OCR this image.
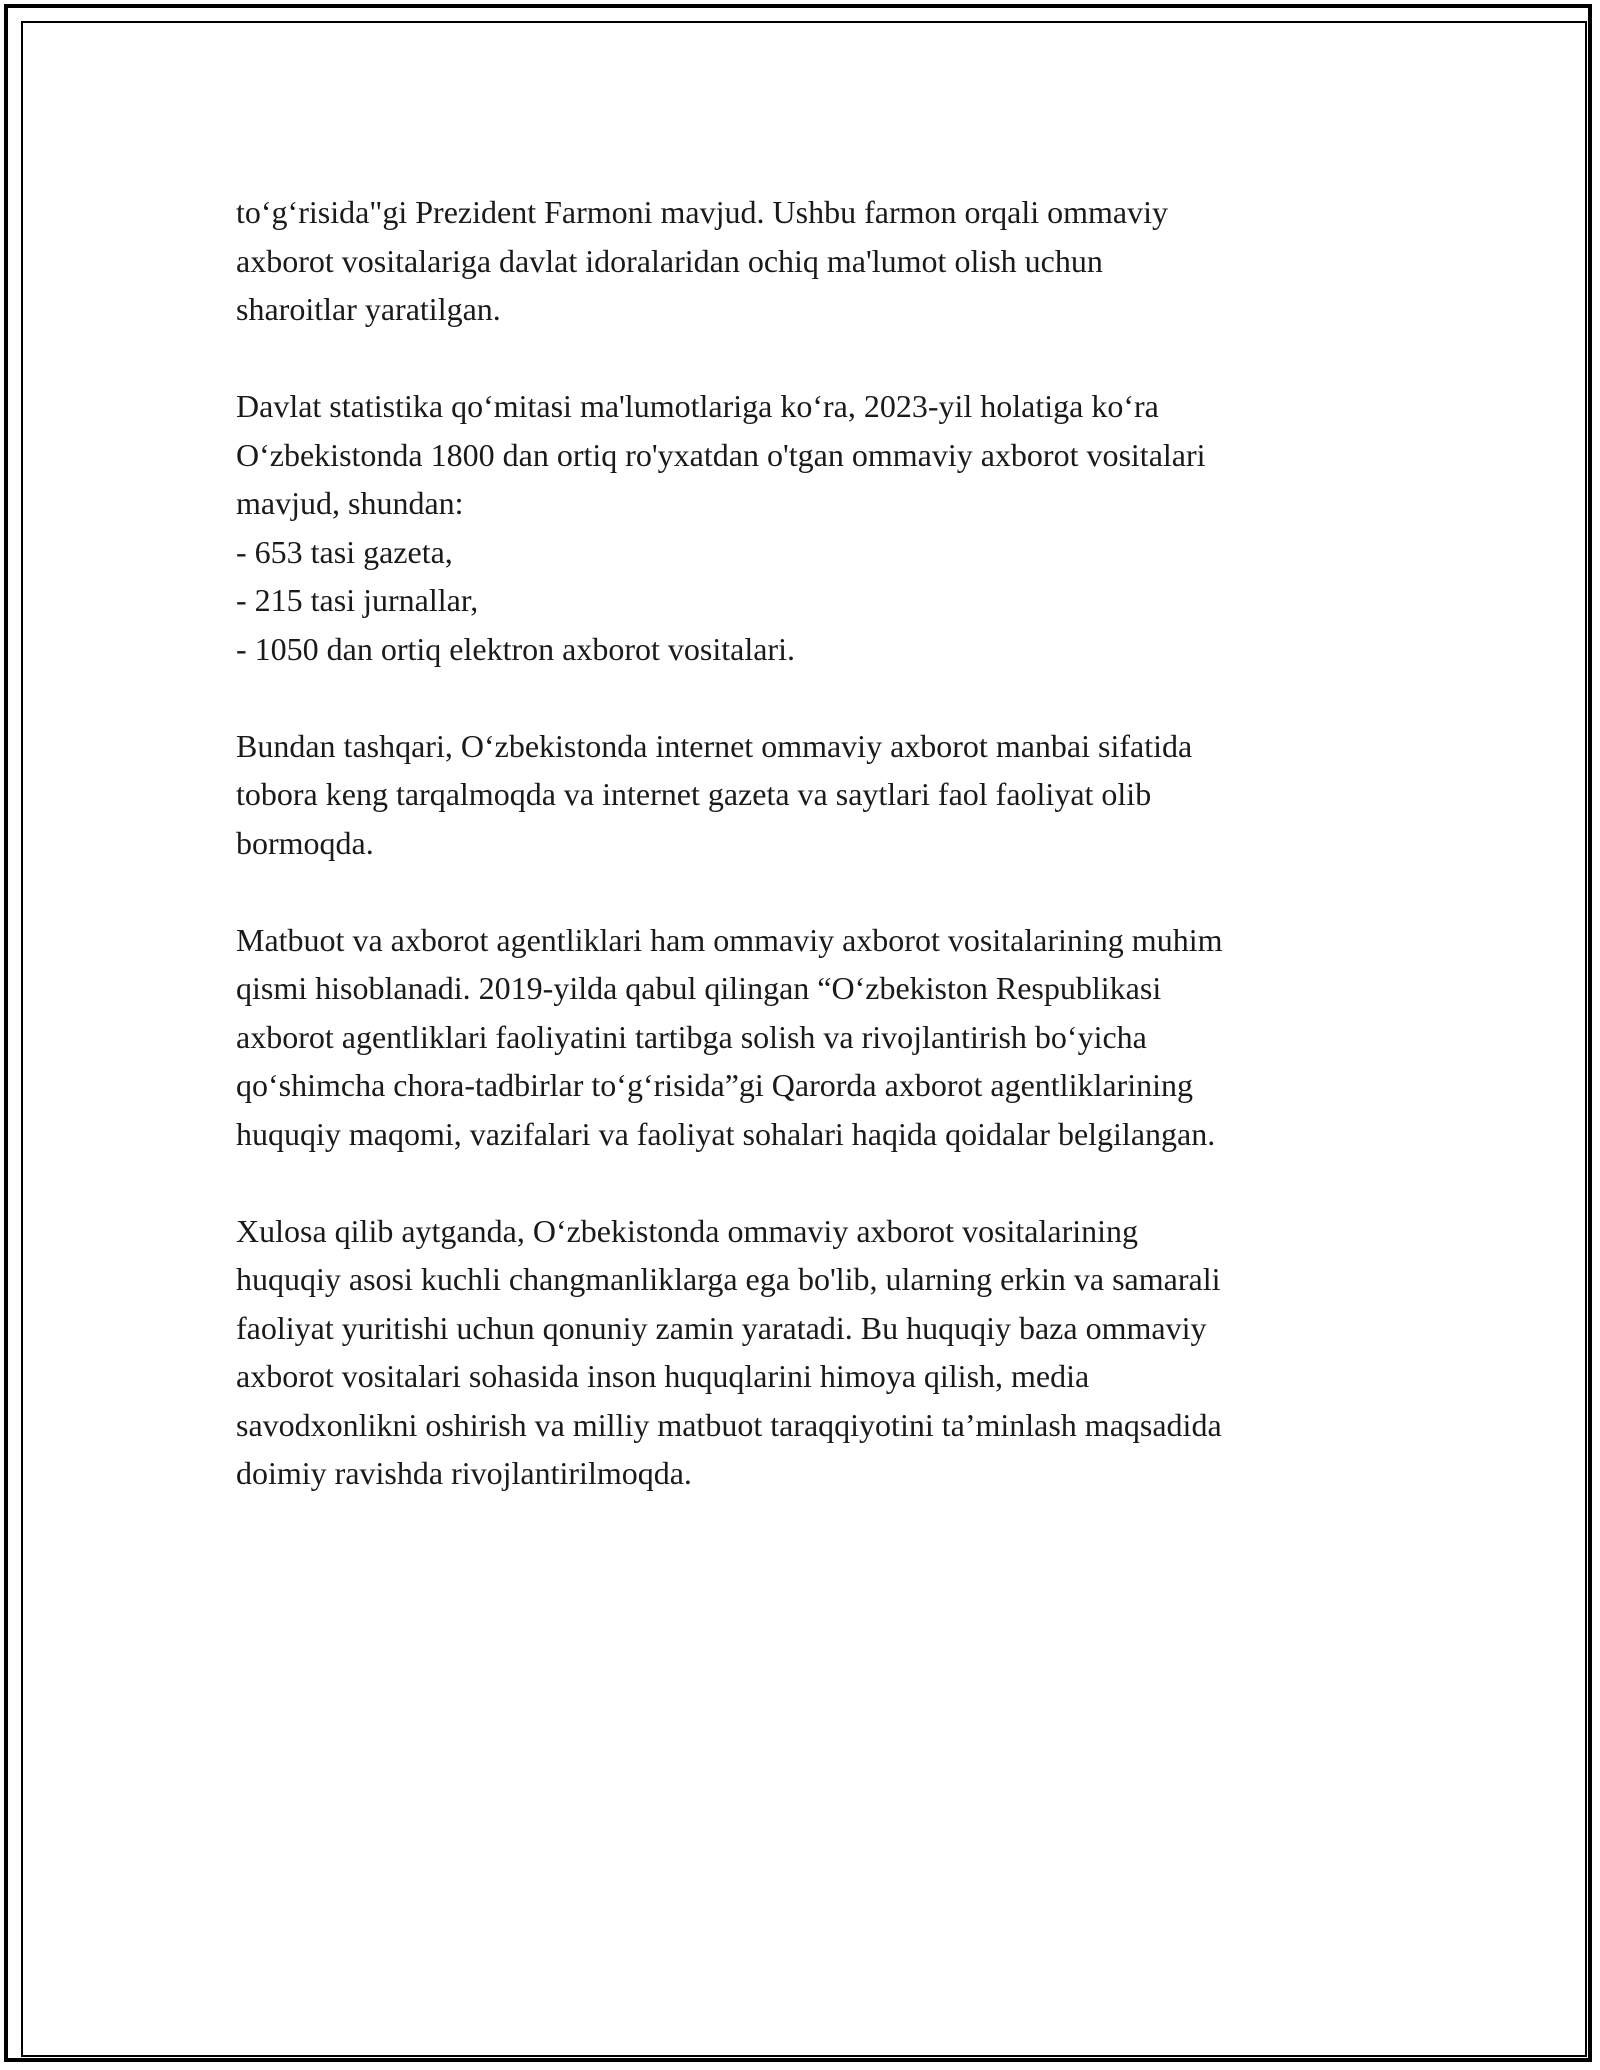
to‘g‘risida"gi Prezident Farmoni mavjud. Ushbu farmon orqali ommaviy
axborot vositalariga davlat idoralaridan ochiq ma'lumot olish uchun
sharoitlar yaratilgan.

Davlat statistika qo‘mitasi ma'lumotlariga ko‘ra, 2023-yil holatiga ko‘ra
O‘zbekistonda 1800 dan ortiq ro'yxatdan o'tgan ommaviy axborot vositalari
mavjud, shundan:
- 653 tasi gazeta,
- 215 tasi jurnallar,
- 1050 dan ortiq elektron axborot vositalari.

Bundan tashqari, O‘zbekistonda internet ommaviy axborot manbai sifatida
tobora keng tarqalmoqda va internet gazeta va saytlari faol faoliyat olib
bormoqda.

Matbuot va axborot agentliklari ham ommaviy axborot vositalarining muhim
qismi hisoblanadi. 2019-yilda qabul qilingan “O‘zbekiston Respublikasi
axborot agentliklari faoliyatini tartibga solish va rivojlantirish bo‘yicha
qo‘shimcha chora-tadbirlar to‘g‘risida”gi Qarorda axborot agentliklarining
huquqiy maqomi, vazifalari va faoliyat sohalari haqida qoidalar belgilangan.

Xulosa qilib aytganda, O‘zbekistonda ommaviy axborot vositalarining
huquqiy asosi kuchli changmanliklarga ega bo'lib, ularning erkin va samarali
faoliyat yuritishi uchun qonuniy zamin yaratadi. Bu huquqiy baza ommaviy
axborot vositalari sohasida inson huquqlarini himoya qilish, media
savodxonlikni oshirish va milliy matbuot taraqqiyotini ta’minlash maqsadida
doimiy ravishda rivojlantirilmoqda.
